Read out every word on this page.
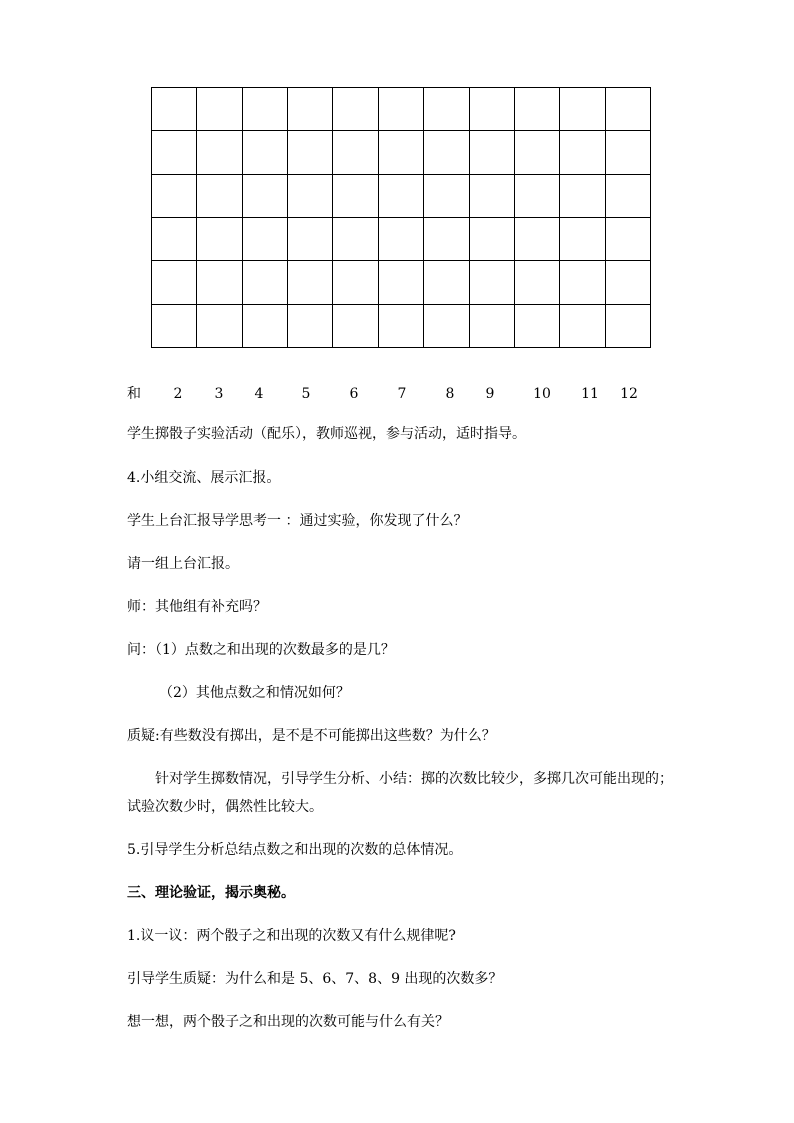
和 2 3 4	5	6	7	8 9	10 11 12

学生掷骰子实验活动（配乐），教师巡视，参与活动，适时指导。

4.小组交流、展示汇报。

学生上台汇报导学思考一 ：通过实验，你发现了什么？

请一组上台汇报。

师：其他组有补充吗？

问：（1）点数之和出现的次数最多的是几？

（2）其他点数之和情况如何？

质疑:有些数没有掷出，是不是不可能掷出这些数？为什么？

针对学生掷数情况，引导学生分析、小结：掷的次数比较少，多掷几次可能出现的；

试验次数少时，偶然性比较大。

5.引导学生分析总结点数之和出现的次数的总体情况。

三、理论验证，揭示奥秘。

1.议一议：两个骰子之和出现的次数又有什么规律呢?

引导学生质疑：为什么和是 5、6、7、8、9 出现的次数多？

想一想，两个骰子之和出现的次数可能与什么有关？
